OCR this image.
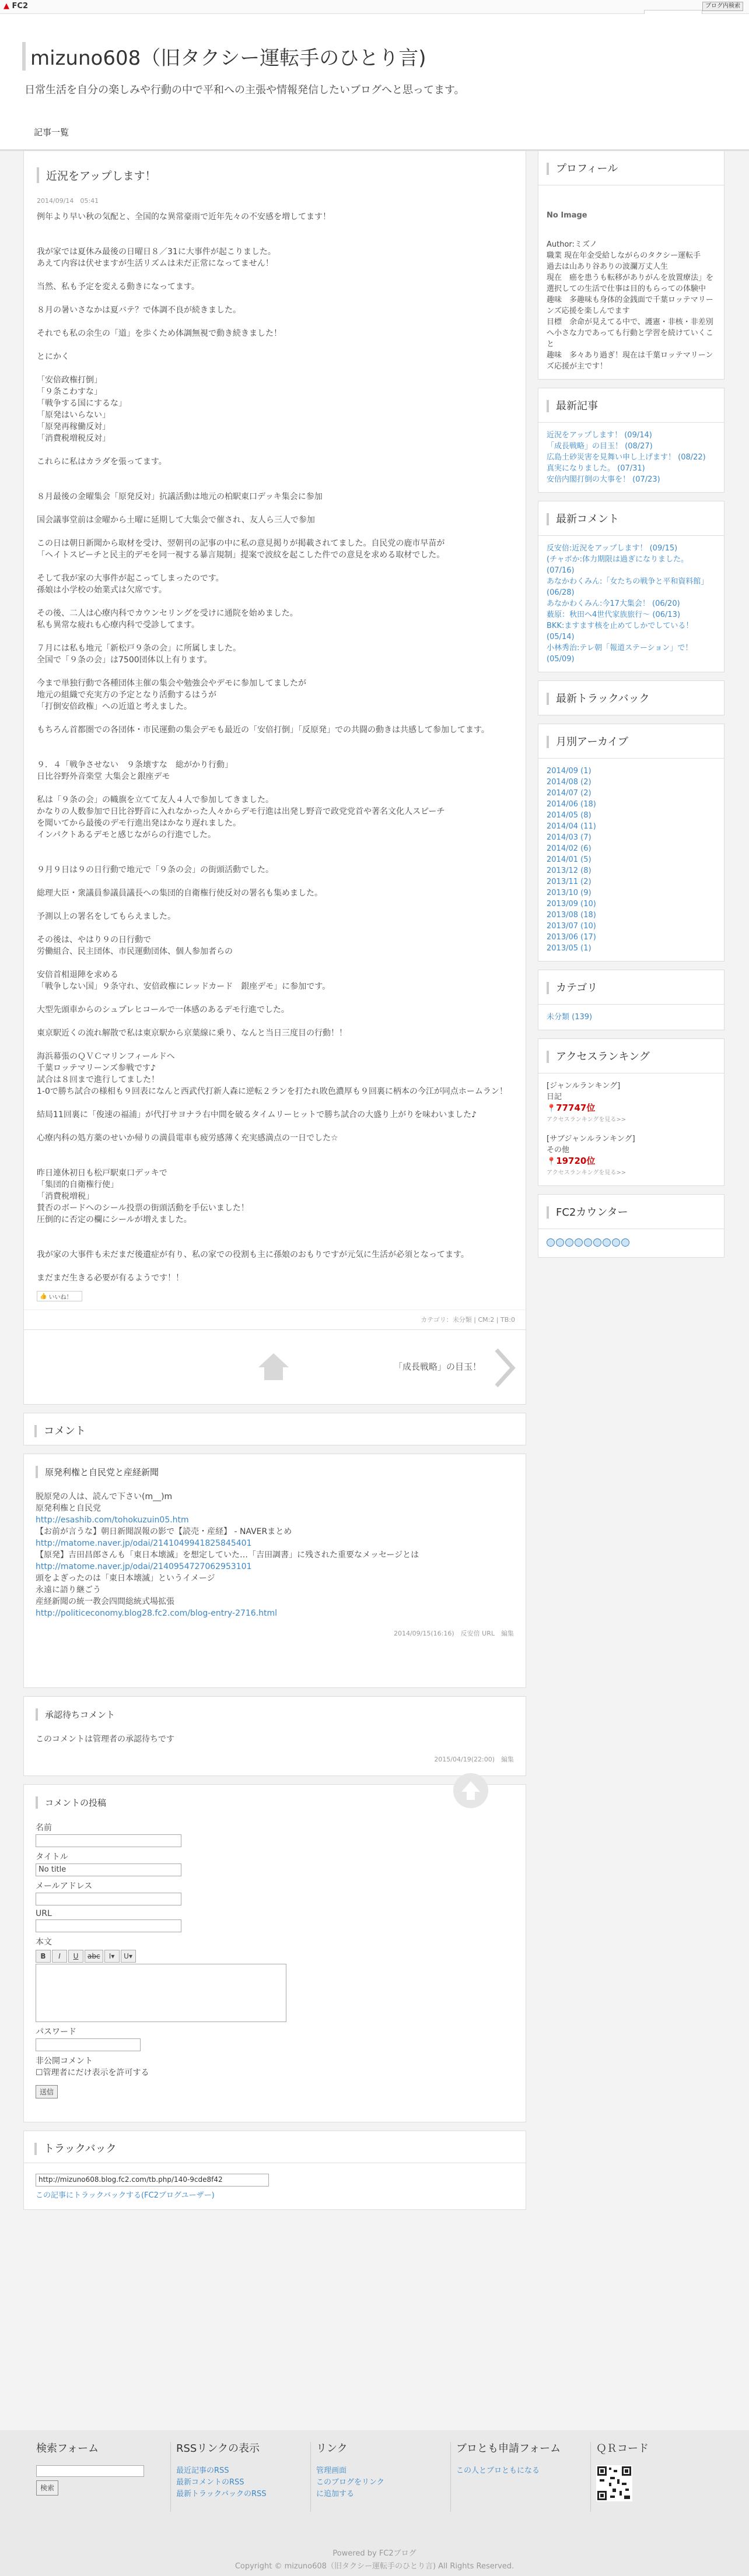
▲ FC2	ブログ内検索
mizuno608（旧タクシー運転手のひとり言)
日常生活を自分の楽しみや行動の中で平和への主張や情報発信したいブログへと思ってます。
記事一覧
近況をアップします！
2014/09/14　05:41

例年より早い秋の気配と、全国的な異常豪雨で近年先々の不安感を増してます！

我が家では夏休み最後の日曜日８／31に大事件が起こりました。

あえて内容は伏せますが生活リズムは未だ正常になってません！

当然、私も予定を変える動きになってます。

８月の暑いさなかは夏バテ？で体調不良が続きました。

それでも私の余生の「道」を歩くため体調無視で動き続きました！

とにかく

「安倍政権打倒」

「９条こわすな」

「戦争する国にするな」

「原発はいらない」

「原発再稼働反対」

「消費税増税反対」

これらに私はカラダを張ってます。

８月最後の金曜集会「原発反対」抗議活動は地元の柏駅東口デッキ集会に参加

国会議事堂前は金曜から土曜に延期して大集会で催され、友人ら三人で参加

この日は朝日新聞から取材を受け、翌朝刊の記事の中に私の意見掲りが掲載されてました。自民党の鹿市早苗が

「ヘイトスピーチと民主的デモを同一視する暴言規制」提案で波紋を起こした件での意見を求める取材でした。

そして我が家の大事件が起こってしまったのです。

孫娘は小学校の始業式は欠席です。

その後、二人は心療内科でカウンセリングを受けに通院を始めました。

私も異常な疲れも心療内科で受診してます。

７月には私も地元「新松戸９条の会」に所属しました。

全国で「９条の会」は7500団体以上有ります。

今まで単独行動で各種団体主催の集会や勉強会やデモに参加してましたが

地元の組織で充実方の予定となり活動するはうが

「打倒安倍政権」への近道と考えました。

もちろん首都圏での各団体・市民運動の集会デモも最近の「安倍打倒」「反原発」での共闘の動きは共感して参加してます。

９．４「戦争させない　９条壊すな　総がかり行動」

日比谷野外音楽堂 大集会と銀座デモ

私は「９条の会」の幟旗を立てて友人４人で参加してきました。

かなりの人数参加で日比谷野音に入れなかった人々からデモ行進は出発し野音で政党党首や著名文化人スピーチ

を聞いてから最後のデモ行進出発はかなり遅れました。

インパクトあるデモと感じながらの行進でした。

９月９日は９の日行動で地元で「９条の会」の街頭活動でした。

総理大臣・衆議員参議員議長への集団的自衛権行使反対の署名も集めました。

予測以上の署名をしてもらえました。

その後は、やはり９の日行動で

労働組合、民主団体、市民運動団体、個人参加者らの

安倍首相退陣を求める

「戦争しない国」９条守れ、安倍政権にレッドカード　銀座デモ」に参加です。

大型先頭車からのシュプレヒコールで一体感のあるデモ行進でした。

東京駅近くの流れ解散で私は東京駅から京葉線に乗り、なんと当日三度目の行動！！

海浜幕張のＱＶＣマリンフィールドへ

千葉ロッテマリーンズ参戦です♪

試合は８回まで進行してました！

1-0で勝ち試合の様相も９回表になんと西武代打新人森に逆転２ランを打たれ敗色濃厚も９回裏に柄本の今江が同点ホームラン！

結局11回裏に「俊速の福浦」が代打サヨナラ右中間を破るタイムリーヒットで勝ち試合の大盛り上がりを味わいました♪

心療内科の処方薬のせいか帰りの満員電車も疲労感薄く充実感満点の一日でした☆

昨日連休初日も松戸駅東口デッキで

「集団的自衛権行使」

「消費税増税」

賛否のボードへのシール投票の街頭活動を手伝いました！

圧倒的に否定の欄にシールが増えました。

我が家の大事件も未だまだ後遺症が有り、私の家での役割も主に孫娘のおもりですが元気に生活が必須となってます。

まだまだ生きる必要が有るようです！！

👍 いいね！
カテゴリ：未分類 | CM:2 | TB:0
「成長戦略」の目玉！
コメント
原発利権と自民党と産経新聞

脱原発の人は、読んで下さい(m__)m

原発利権と自民党

http://esashib.com/tohokuzuin05.htm

【お前が言うな】朝日新聞誤報の影で【読売・産経】 - NAVERまとめ

http://matome.naver.jp/odai/2141049941825845401

【原発】吉田昌郎さんも「東日本壊滅」を想定していた…「吉田調書」に残された重要なメッセージとは

http://matome.naver.jp/odai/2140954727062953101

頭をよぎったのは「東日本壊滅」というイメージ

永遠に語り継ごう

産経新聞の統一教会四間総統式場拡張

http://politiceconomy.blog28.fc2.com/blog-entry-2716.html

2014/09/15(16:16)　反安倍 URL　編集
承認待ちコメント

このコメントは管理者の承認待ちです

2015/04/19(22:00)　編集
コメントの投稿
名前
タイトル
No title
メールアドレス
URL
本文
B	I	U	abc	I▾	U▾
パスワード
非公開コメント
☐管理者にだけ表示を許可する
送信
トラックバック
http://mizuno608.blog.fc2.com/tb.php/140-9cde8f42
この記事にトラックバックする(FC2ブログユーザー)
プロフィール
No Image

Author:ミズノ

職業 現在年金受給しながらのタクシー運転手

過去は山あり谷ありの波瀾万丈人生

現在　癌を患うも転移がありがんを放置療法」を選択しての生活で仕事は目的もらっての体験中

趣味　多趣味も身体的金銭面で千葉ロッテマリーンズ応援を楽しんでます

目標　余命が見えてる中で、護憲・非核・非差別へ小さな力であっても行動と学習を続けていくこと

趣味　多々あり過ぎ！現在は千葉ロッテマリーンズ応援が主です！

最新記事
近況をアップします！ (09/14)
「成長戦略」の目玉！ (08/27)
広島土砂災害を見舞い申し上げます！ (08/22)
真実になりました。 (07/31)
安倍内閣打倒の大事を！ (07/23)
最新コメント
反安倍:近況をアップします！ (09/15)
(チャボか:体力期限は過ぎになりました。 (07/16)
あなかわくみん:「女たちの戦争と平和資料館」 (06/28)
あなかわくみん:今17大集会！ (06/20)
薮原：秋田ヘ4世代家族旅行～ (06/13)
BKK:ますます核を止めてしかでしている！ (05/14)
小林秀治:テレ朝「報道ステーション」で！ (05/09)
最新トラックバック
月別アーカイブ
2014/09 (1)
2014/08 (2)
2014/07 (2)
2014/06 (18)
2014/05 (8)
2014/04 (11)
2014/03 (7)
2014/02 (6)
2014/01 (5)
2013/12 (8)
2013/11 (2)
2013/10 (9)
2013/09 (10)
2013/08 (18)
2013/07 (10)
2013/06 (17)
2013/05 (1)
カテゴリ
未分類 (139)
アクセスランキング
[ジャンルランキング]
日記
📍77747位
アクセスランキングを見る>>
[サブジャンルランキング]
その他
📍19720位
アクセスランキングを見る>>
FC2カウンター
検索フォーム
検索
RSSリンクの表示
最近記事のRSS
最新コメントのRSS
最新トラックバックのRSS
リンク
管理画面
このブログをリンクに追加する
ブロとも申請フォーム
この人とブロともになる
ＱＲコード
Powered by FC2ブログ
Copyright © mizuno608（旧タクシー運転手のひとり言) All Rights Reserved.
